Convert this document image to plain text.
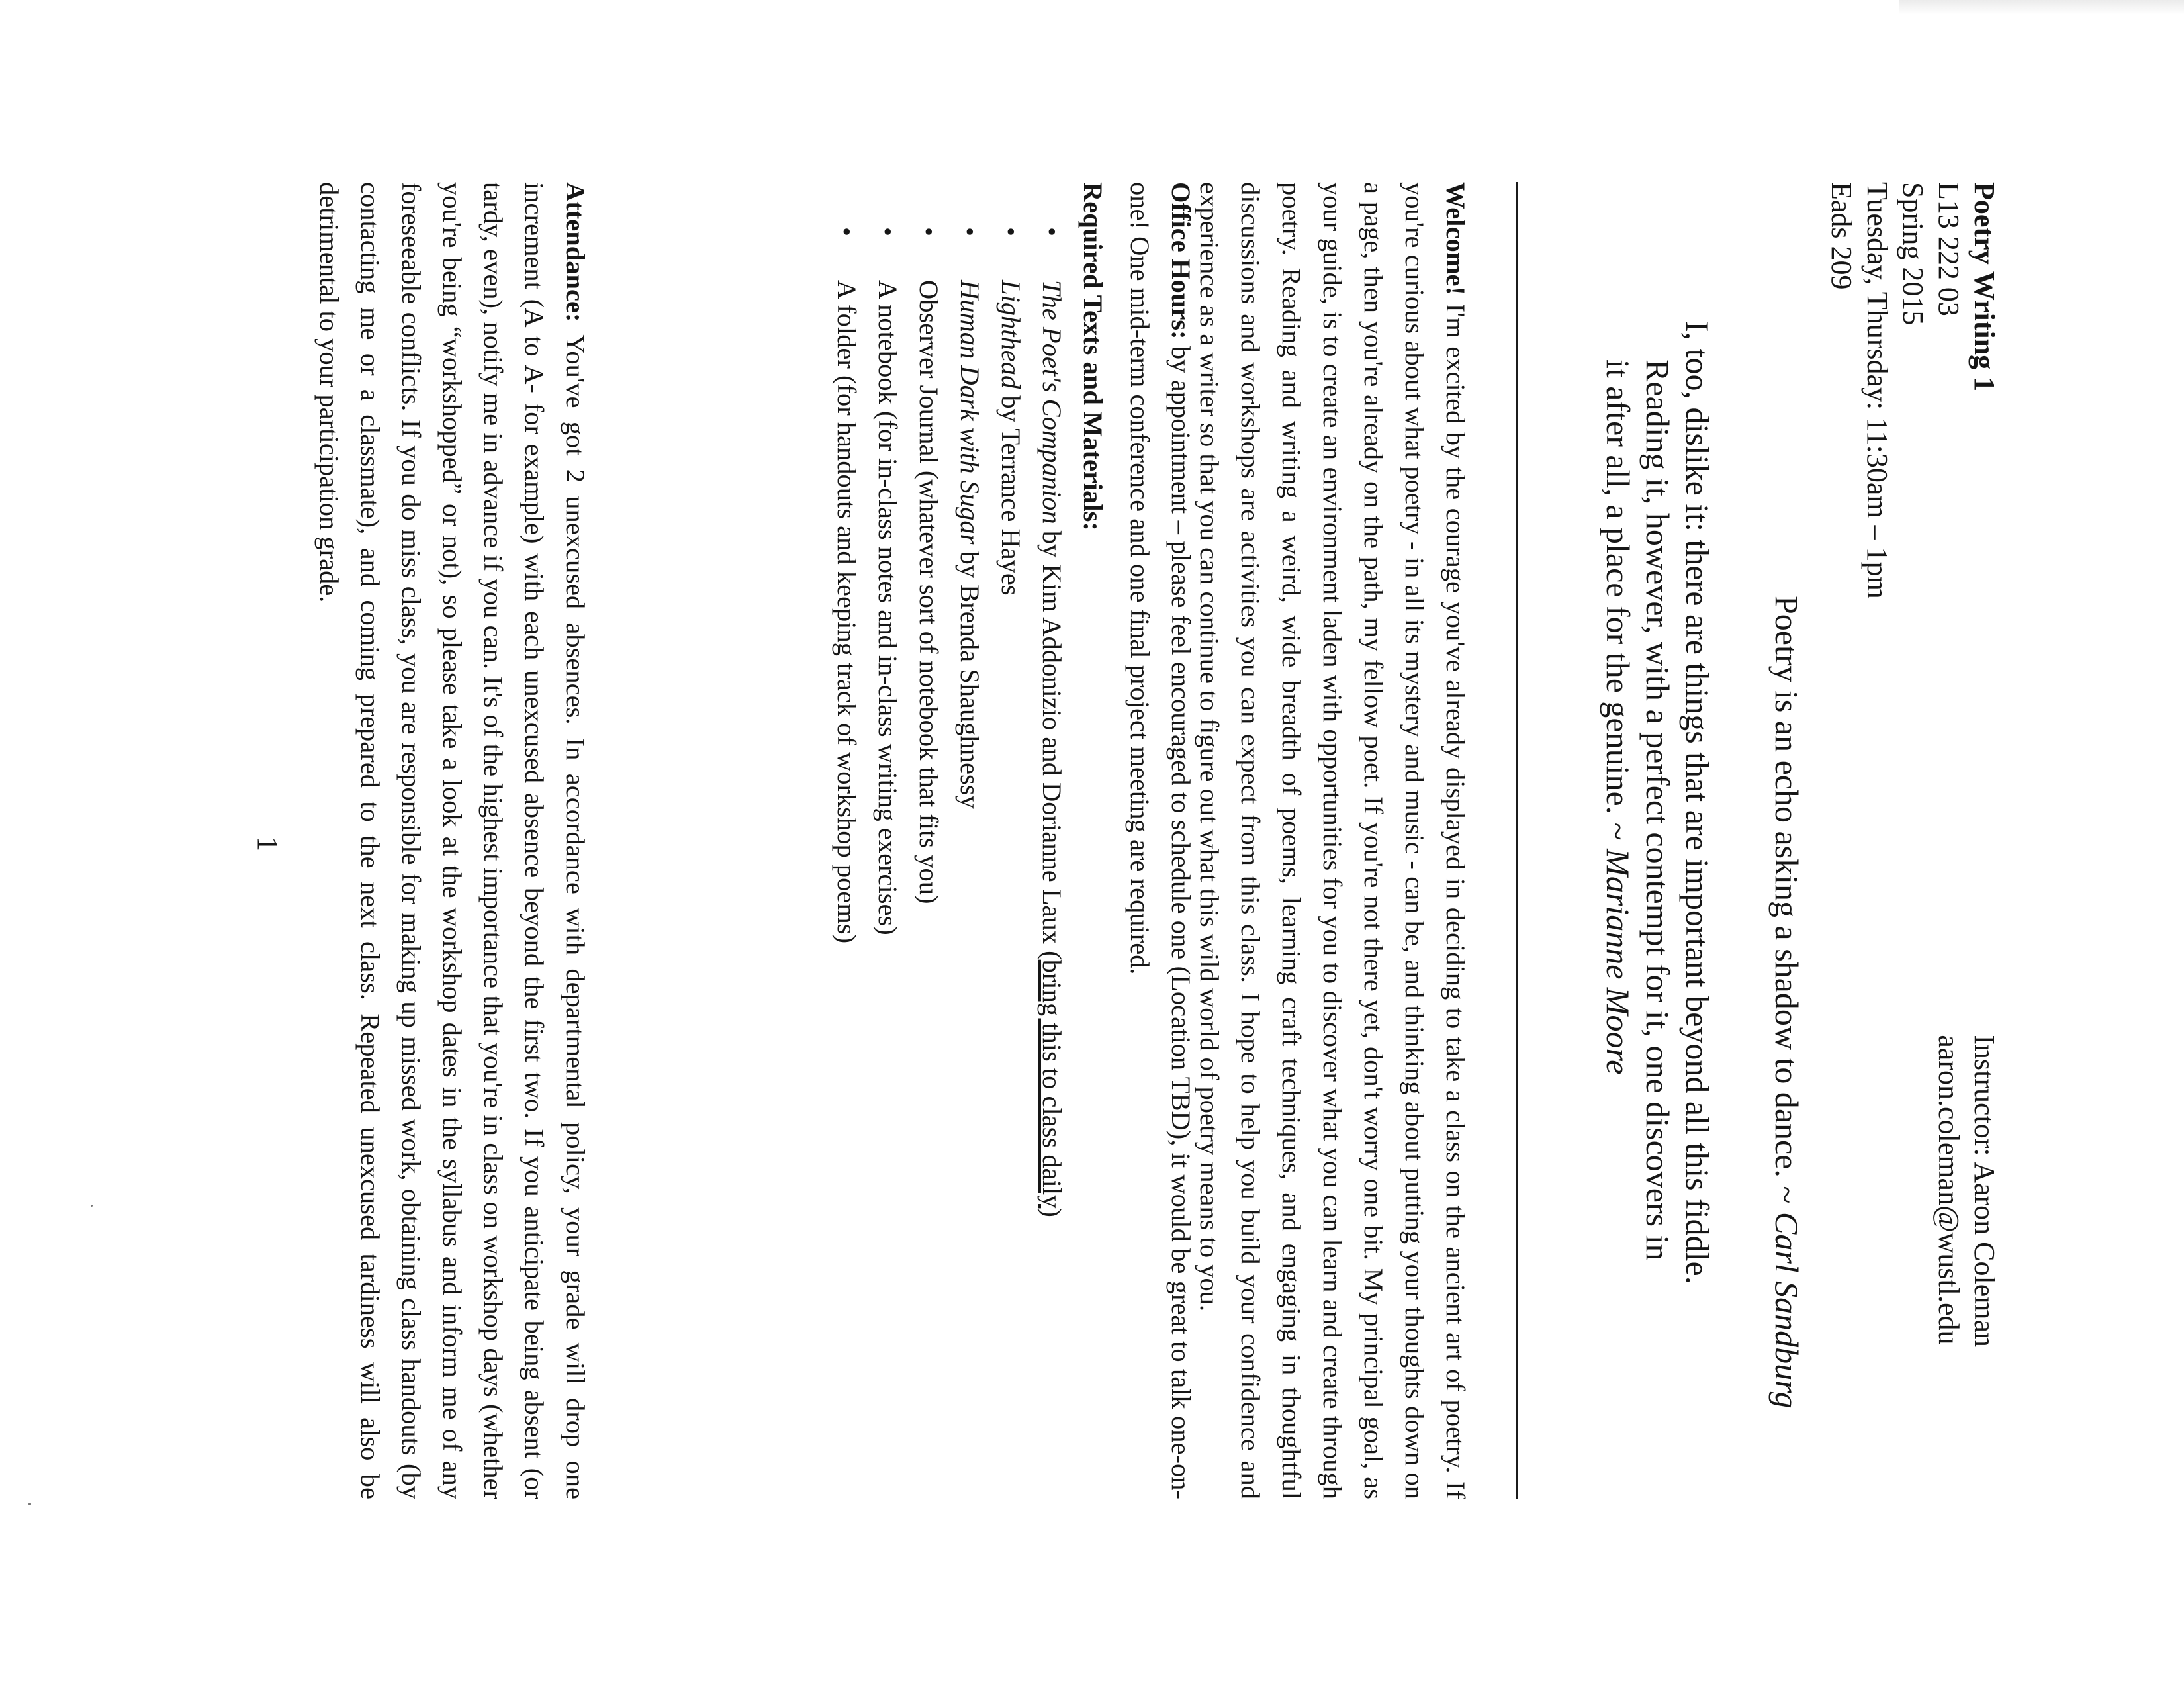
Poetry Writing 1
L13 222 03
Spring 2015
Tuesday, Thursday: 11:30am – 1pm
Eads 209
Instructor: Aaron Coleman
aaron.coleman@wustl.edu
Poetry is an echo asking a shadow to dance. ~ Carl Sandburg
I, too, dislike it: there are things that are important beyond all this fiddle.
Reading it, however, with a perfect contempt for it, one discovers in
it after all, a place for the genuine. ~ Marianne Moore

Welcome! I'm excited by the courage you've already displayed in deciding to take a class on the ancient art of poetry. If you're curious about what poetry - in all its mystery and music - can be, and thinking about putting your thoughts down on a page, then you're already on the path, my fellow poet. If you're not there yet, don't worry one bit. My principal goal, as your guide, is to create an environment laden with opportunities for you to discover what you can learn and create through poetry. Reading and writing a weird, wide breadth of poems, learning craft techniques, and engaging in thoughtful discussions and workshops are activities you can expect from this class. I hope to help you build your confidence and experience as a writer so that you can continue to figure out what this wild world of poetry means to you.

Office Hours: by appointment – please feel encouraged to schedule one (Location TBD), it would be great to talk one-on-one! One mid-term conference and one final project meeting are required.

Required Texts and Materials:
• The Poet's Companion by Kim Addonizio and Dorianne Laux (bring this to class daily)
• Lighthead by Terrance Hayes
• Human Dark with Sugar by Brenda Shaughnessy
• Observer Journal (whatever sort of notebook that fits you)
• A notebook (for in-class notes and in-class writing exercises)
• A folder (for handouts and keeping track of workshop poems)

Attendance: You've got 2 unexcused absences. In accordance with departmental policy, your grade will drop one increment (A to A- for example) with each unexcused absence beyond the first two. If you anticipate being absent (or tardy, even), notify me in advance if you can. It's of the highest importance that you're in class on workshop days (whether you're being “workshopped” or not), so please take a look at the workshop dates in the syllabus and inform me of any foreseeable conflicts. If you do miss class, you are responsible for making up missed work, obtaining class handouts (by contacting me or a classmate), and coming prepared to the next class. Repeated unexcused tardiness will also be detrimental to your participation grade.

1
